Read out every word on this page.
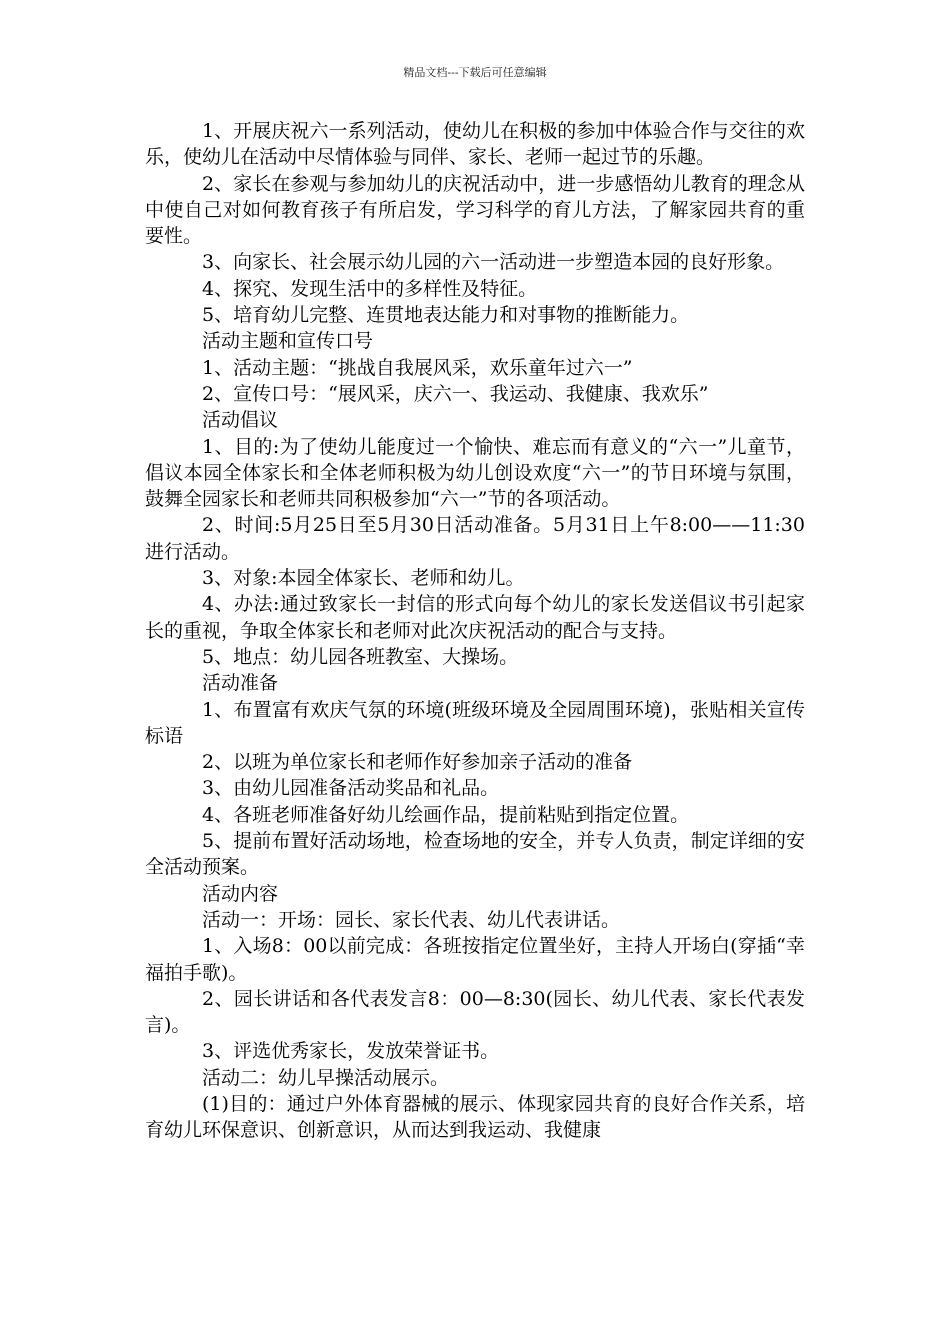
精品文档---下载后可任意编辑

1、开展庆祝六一系列活动，使幼儿在积极的参加中体验合作与交往的欢乐，使幼儿在活动中尽情体验与同伴、家长、老师一起过节的乐趣。

2、家长在参观与参加幼儿的庆祝活动中，进一步感悟幼儿教育的理念从中使自己对如何教育孩子有所启发，学习科学的育儿方法，了解家园共育的重要性。

3、向家长、社会展示幼儿园的六一活动进一步塑造本园的良好形象。

4、探究、发现生活中的多样性及特征。

5、培育幼儿完整、连贯地表达能力和对事物的推断能力。

活动主题和宣传口号

1、活动主题：“挑战自我展风采，欢乐童年过六一”

2、宣传口号：“展风采，庆六一、我运动、我健康、我欢乐”

活动倡议

1、目的:为了使幼儿能度过一个愉快、难忘而有意义的“六一”儿童节，倡议本园全体家长和全体老师积极为幼儿创设欢度“六一”的节日环境与氛围，鼓舞全园家长和老师共同积极参加“六一”节的各项活动。

2、时间:5月25日至5月30日活动准备。5月31日上午8:00——11:30进行活动。

3、对象:本园全体家长、老师和幼儿。

4、办法:通过致家长一封信的形式向每个幼儿的家长发送倡议书引起家长的重视，争取全体家长和老师对此次庆祝活动的配合与支持。

5、地点：幼儿园各班教室、大操场。

活动准备

1、布置富有欢庆气氛的环境(班级环境及全园周围环境)，张贴相关宣传标语

2、以班为单位家长和老师作好参加亲子活动的准备

3、由幼儿园准备活动奖品和礼品。

4、各班老师准备好幼儿绘画作品，提前粘贴到指定位置。

5、提前布置好活动场地，检查场地的安全，并专人负责，制定详细的安全活动预案。

活动内容

活动一：开场：园长、家长代表、幼儿代表讲话。

1、入场8：00以前完成：各班按指定位置坐好，主持人开场白(穿插“幸福拍手歌)。

2、园长讲话和各代表发言8：00—8:30(园长、幼儿代表、家长代表发言)。

3、评选优秀家长，发放荣誉证书。

活动二：幼儿早操活动展示。

(1)目的：通过户外体育器械的展示、体现家园共育的良好合作关系，培育幼儿环保意识、创新意识，从而达到我运动、我健康
